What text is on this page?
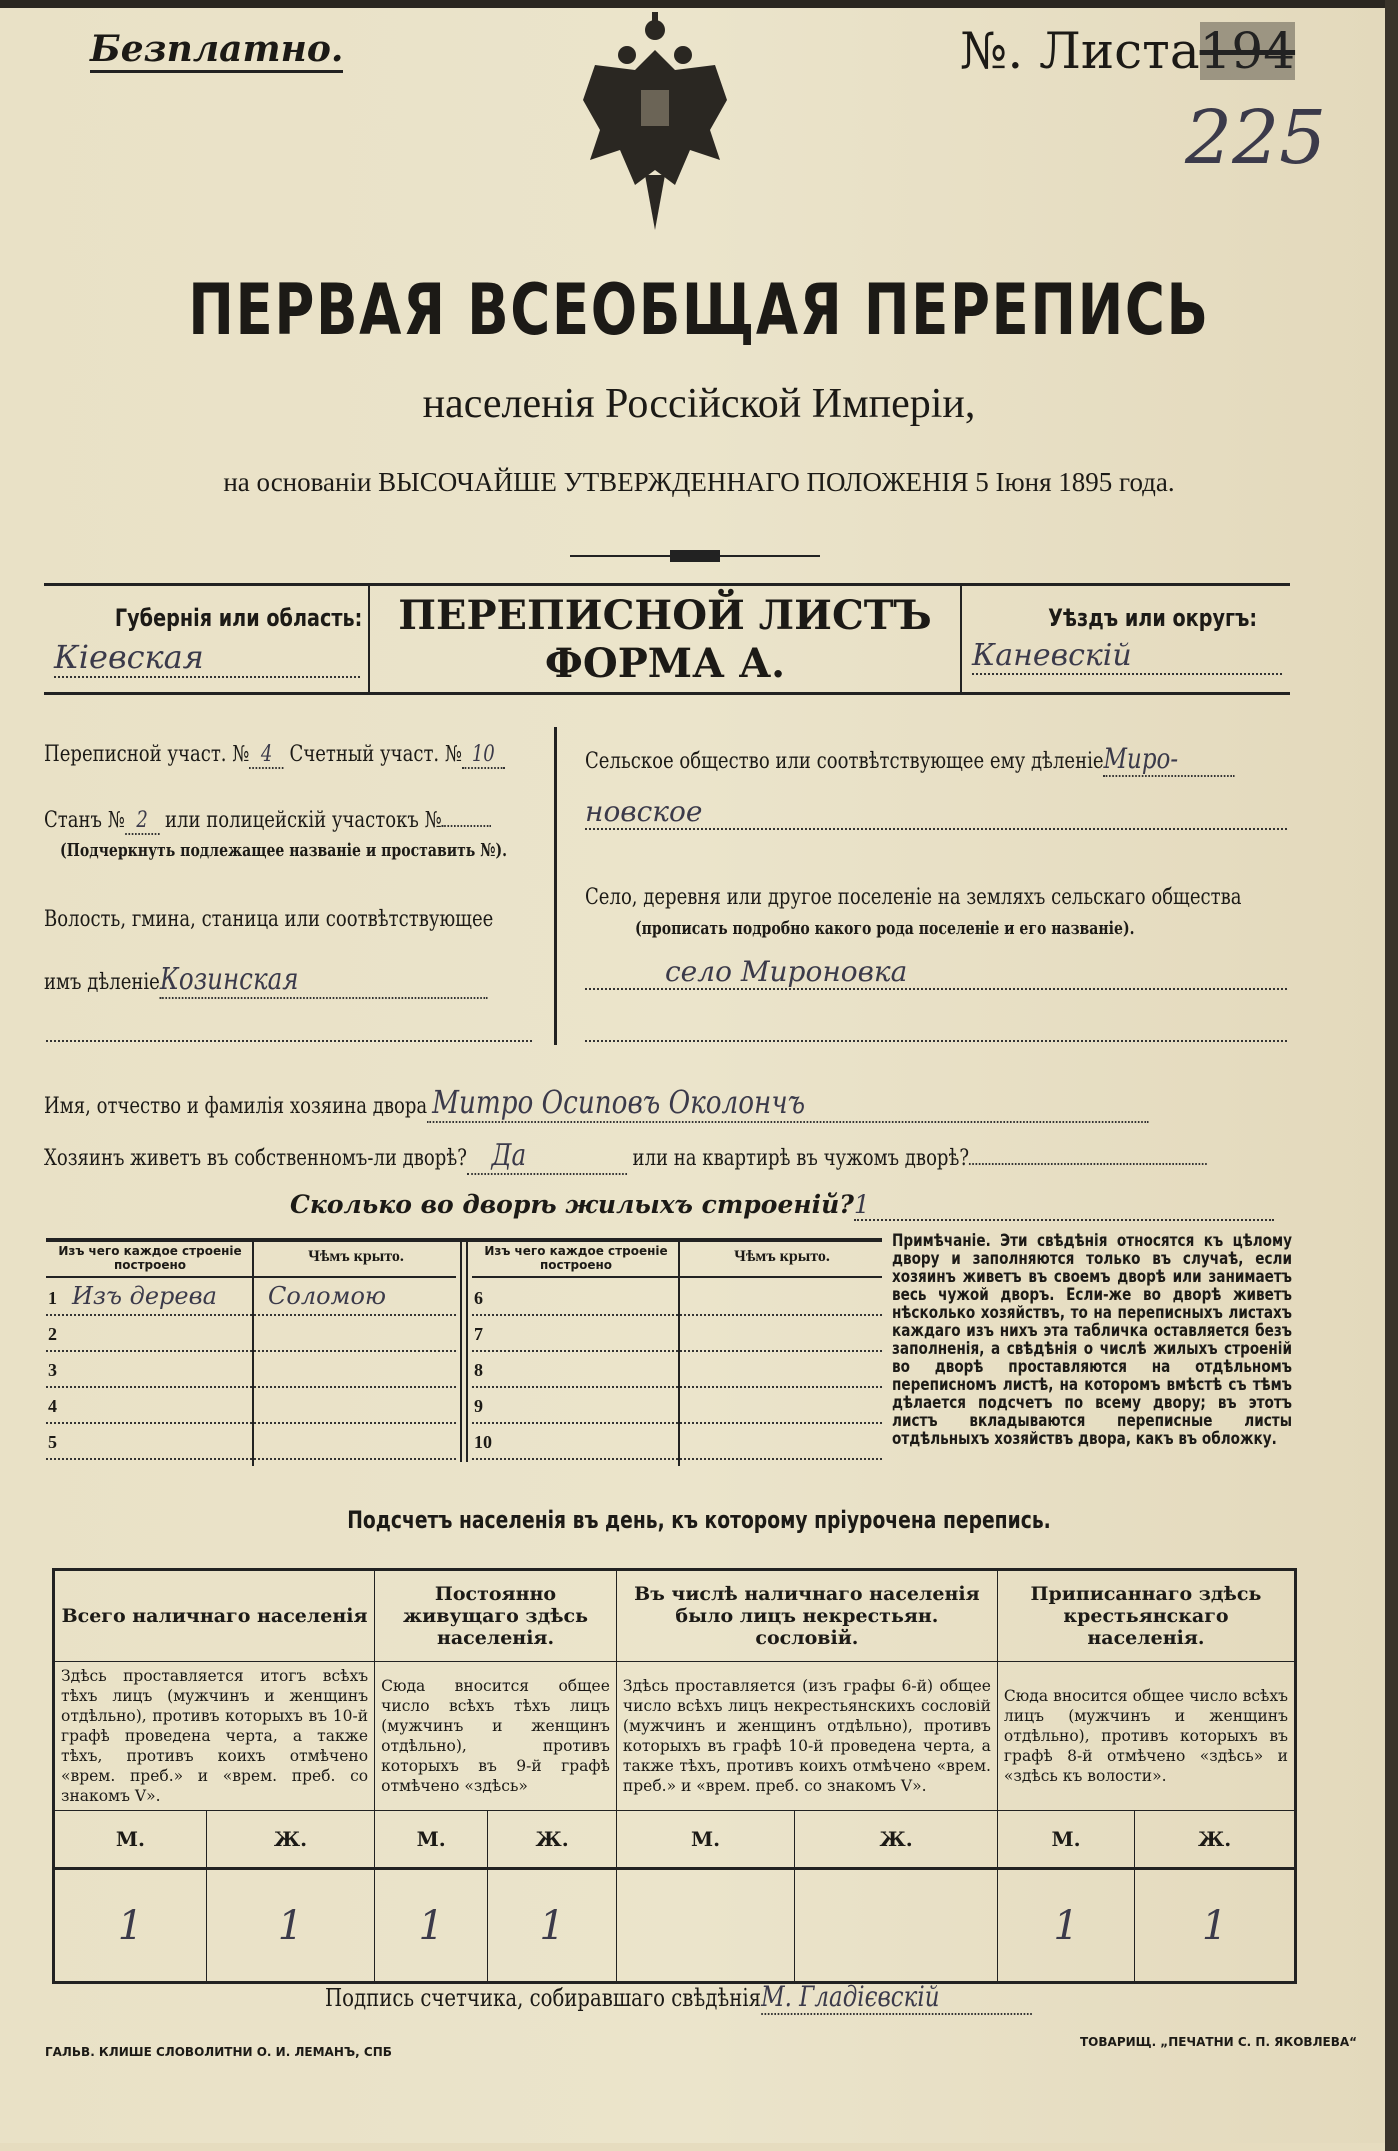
Безплатно.	№. Листа194
225
ПЕРВАЯ ВСЕОБЩАЯ ПЕРЕПИСЬ
населенія Россійской Имперіи,
на основаніи ВЫСОЧАЙШЕ УТВЕРЖДЕННАГО ПОЛОЖЕНІЯ 5 Іюня 1895 года.
Губернія или область:
Кіевская
ПЕРЕПИСНОЙ ЛИСТЪ
ФОРМА А.
Уѣздъ или округъ:
Каневскій
Переписной участ. № 4 Счетный участ. № 10
Станъ № 2 или полицейскій участокъ №
(Подчеркнуть подлежащее названіе и проставить №).
Волость, гмина, станица или соотвѣтствующее
имъ дѣленіеКозинская
Сельское общество или соотвѣтствующее ему дѣленіеМиро-
новское
Село, деревня или другое поселеніе на земляхъ сельскаго общества
(прописать подробно какого рода поселеніе и его названіе).
село Мироновка
Имя, отчество и фамилія хозяина двора Митро Осиповъ Околончъ
Хозяинъ живетъ въ собственномъ-ли дворѣ? Да	или на квартирѣ въ чужомъ дворѣ?
Сколько во дворѣ жилыхъ строеній?1
Изъ чего каждое строеніе построено	Чѣмъ крыто.
1 Изъ дерева Соломою
2
3
4
5
Изъ чего каждое строеніе построено	Чѣмъ крыто.
6
7
8
9
10
Примѣчаніе. Эти свѣдѣнія относятся къ цѣлому двору и заполняются только въ случаѣ, если хозяинъ живетъ въ своемъ дворѣ или занимаетъ весь чужой дворъ. Если-же во дворѣ живетъ нѣсколько хозяйствъ, то на переписныхъ листахъ каждаго изъ нихъ эта табличка оставляется безъ заполненія, а свѣдѣнія о числѣ жилыхъ строеній во дворѣ проставляются на отдѣльномъ переписномъ листѣ, на которомъ вмѣстѣ съ тѣмъ дѣлается подсчетъ по всему двору; въ этотъ листъ вкладываются переписные листы отдѣльныхъ хозяйствъ двора, какъ въ обложку.
Подсчетъ населенія въ день, къ которому пріурочена перепись.
Всего наличнаго населенія		Постоянно живущаго здѣсь населенія.		Въ числѣ наличнаго населенія было лицъ некрестьян. сословій.		Приписаннаго здѣсь крестьянскаго населенія.	
Здѣсь проставляется итогъ всѣхъ тѣхъ лицъ (мужчинъ и женщинъ отдѣльно), противъ которыхъ въ 10-й графѣ проведена черта, а также тѣхъ, противъ коихъ отмѣчено «врем. преб.» и «врем. преб. со знакомъ V».		Сюда вносится общее число всѣхъ тѣхъ лицъ (мужчинъ и женщинъ отдѣльно), противъ которыхъ въ 9-й графѣ отмѣчено «здѣсь»		Здѣсь проставляется (изъ графы 6-й) общее число всѣхъ лицъ некрестьянскихъ сословій (мужчинъ и женщинъ отдѣльно), противъ которыхъ въ графѣ 10-й проведена черта, а также тѣхъ, противъ коихъ отмѣчено «врем. преб.» и «врем. преб. со знакомъ V».		Сюда вносится общее число всѣхъ лицъ (мужчинъ и женщинъ отдѣльно), противъ которыхъ въ графѣ 8-й отмѣчено «здѣсь» и «здѣсь къ волости».	
М.	Ж.	М.	Ж.	М.	Ж.	М.	Ж.
1	1	1	1			1	1
Подпись счетчика, собиравшаго свѣдѣніяМ. Гладієвскій
ГАЛЬВ. КЛИШЕ СЛОВОЛИТНИ О. И. ЛЕМАНЪ, СПБ
ТОВАРИЩ. „ПЕЧАТНИ С. П. ЯКОВЛЕВА“
